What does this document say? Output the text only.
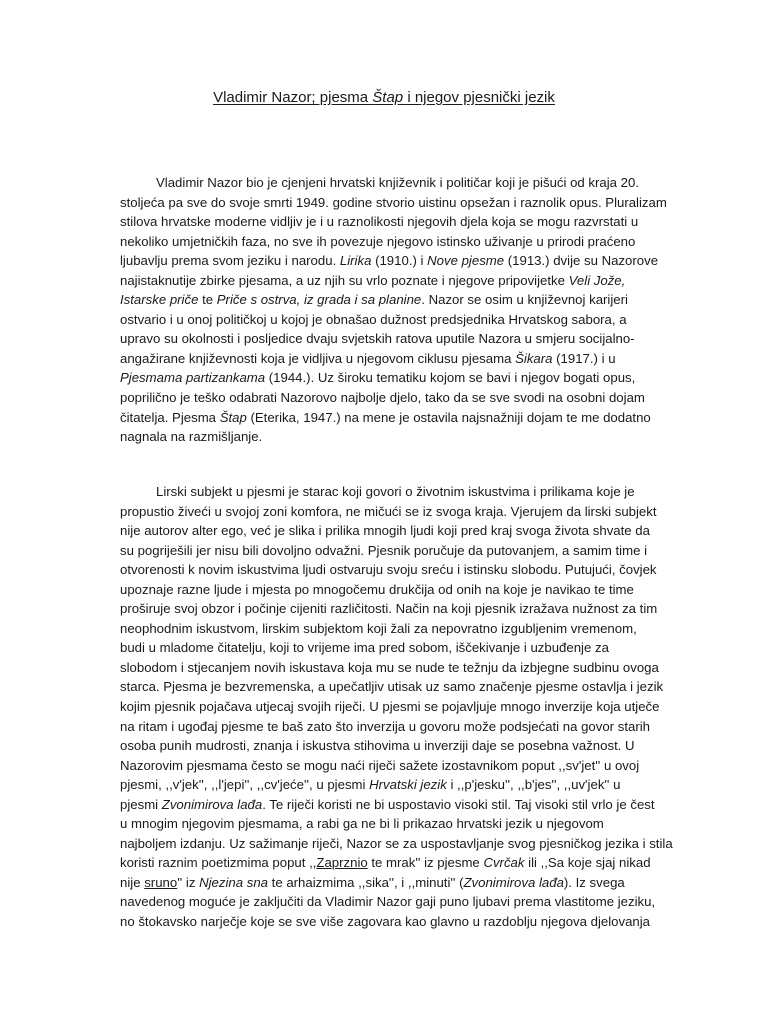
Vladimir Nazor; pjesma Štap i njegov pjesnički jezik
Vladimir Nazor bio je cjenjeni hrvatski književnik i političar koji je pišući od kraja 20.
stoljeća pa sve do svoje smrti 1949. godine stvorio uistinu opsežan i raznolik opus. Pluralizam
stilova hrvatske moderne vidljiv je i u raznolikosti njegovih djela koja se mogu razvrstati u
nekoliko umjetničkih faza, no sve ih povezuje njegovo istinsko uživanje u prirodi praćeno
ljubavlju prema svom jeziku i narodu. Lirika (1910.) i Nove pjesme (1913.) dvije su Nazorove
najistaknutije zbirke pjesama, a uz njih su vrlo poznate i njegove pripovijetke Veli Jože,
Istarske priče te Priče s ostrva, iz grada i sa planine. Nazor se osim u književnoj karijeri
ostvario i u onoj političkoj u kojoj je obnašao dužnost predsjednika Hrvatskog sabora, a
upravo su okolnosti i posljedice dvaju svjetskih ratova uputile Nazora u smjeru socijalno-
angažirane književnosti koja je vidljiva u njegovom ciklusu pjesama Šikara (1917.) i u
Pjesmama partizankama (1944.). Uz široku tematiku kojom se bavi i njegov bogati opus,
poprilično je teško odabrati Nazorovo najbolje djelo, tako da se sve svodi na osobni dojam
čitatelja. Pjesma Štap (Eterika, 1947.) na mene je ostavila najsnažniji dojam te me dodatno
nagnala na razmišljanje.
Lirski subjekt u pjesmi je starac koji govori o životnim iskustvima i prilikama koje je
propustio živeći u svojoj zoni komfora, ne mičući se iz svoga kraja. Vjerujem da lirski subjekt
nije autorov alter ego, već je slika i prilika mnogih ljudi koji pred kraj svoga života shvate da
su pogriješili jer nisu bili dovoljno odvažni. Pjesnik poručuje da putovanjem, a samim time i
otvorenosti k novim iskustvima ljudi ostvaruju svoju sreću i istinsku slobodu. Putujući, čovjek
upoznaje razne ljude i mjesta po mnogočemu drukčija od onih na koje je navikao te time
proširuje svoj obzor i počinje cijeniti različitosti. Način na koji pjesnik izražava nužnost za tim
neophodnim iskustvom, lirskim subjektom koji žali za nepovratno izgubljenim vremenom,
budi u mladome čitatelju, koji to vrijeme ima pred sobom, iščekivanje i uzbuđenje za
slobodom i stjecanjem novih iskustava koja mu se nude te težnju da izbjegne sudbinu ovoga
starca. Pjesma je bezvremenska, a upečatljiv utisak uz samo značenje pjesme ostavlja i jezik
kojim pjesnik pojačava utjecaj svojih riječi. U pjesmi se pojavljuje mnogo inverzije koja utječe
na ritam i ugođaj pjesme te baš zato što inverzija u govoru može podsjećati na govor starih
osoba punih mudrosti, znanja i iskustva stihovima u inverziji daje se posebna važnost. U
Nazorovim pjesmama često se mogu naći riječi sažete izostavnikom poput ,,sv'jet'' u ovoj
pjesmi, ,,v'jek'', ,,l'jepi'', ,,cv'jeće'', u pjesmi Hrvatski jezik i ,,p'jesku'', ,,b'jes'', ,,uv'jek'' u
pjesmi Zvonimirova lađa. Te riječi koristi ne bi uspostavio visoki stil. Taj visoki stil vrlo je čest
u mnogim njegovim pjesmama, a rabi ga ne bi li prikazao hrvatski jezik u njegovom
najboljem izdanju. Uz sažimanje riječi, Nazor se za uspostavljanje svog pjesničkog jezika i stila
koristi raznim poetizmima poput ,,Zaprznio te mrak'' iz pjesme Cvrčak ili ,,Sa koje sjaj nikad
nije sruno'' iz Njezina sna te arhaizmima ,,sika'', i ,,minuti'' (Zvonimirova lađa). Iz svega
navedenog moguće je zaključiti da Vladimir Nazor gaji puno ljubavi prema vlastitome jeziku,
no štokavsko narječje koje se sve više zagovara kao glavno u razdoblju njegova djelovanja
